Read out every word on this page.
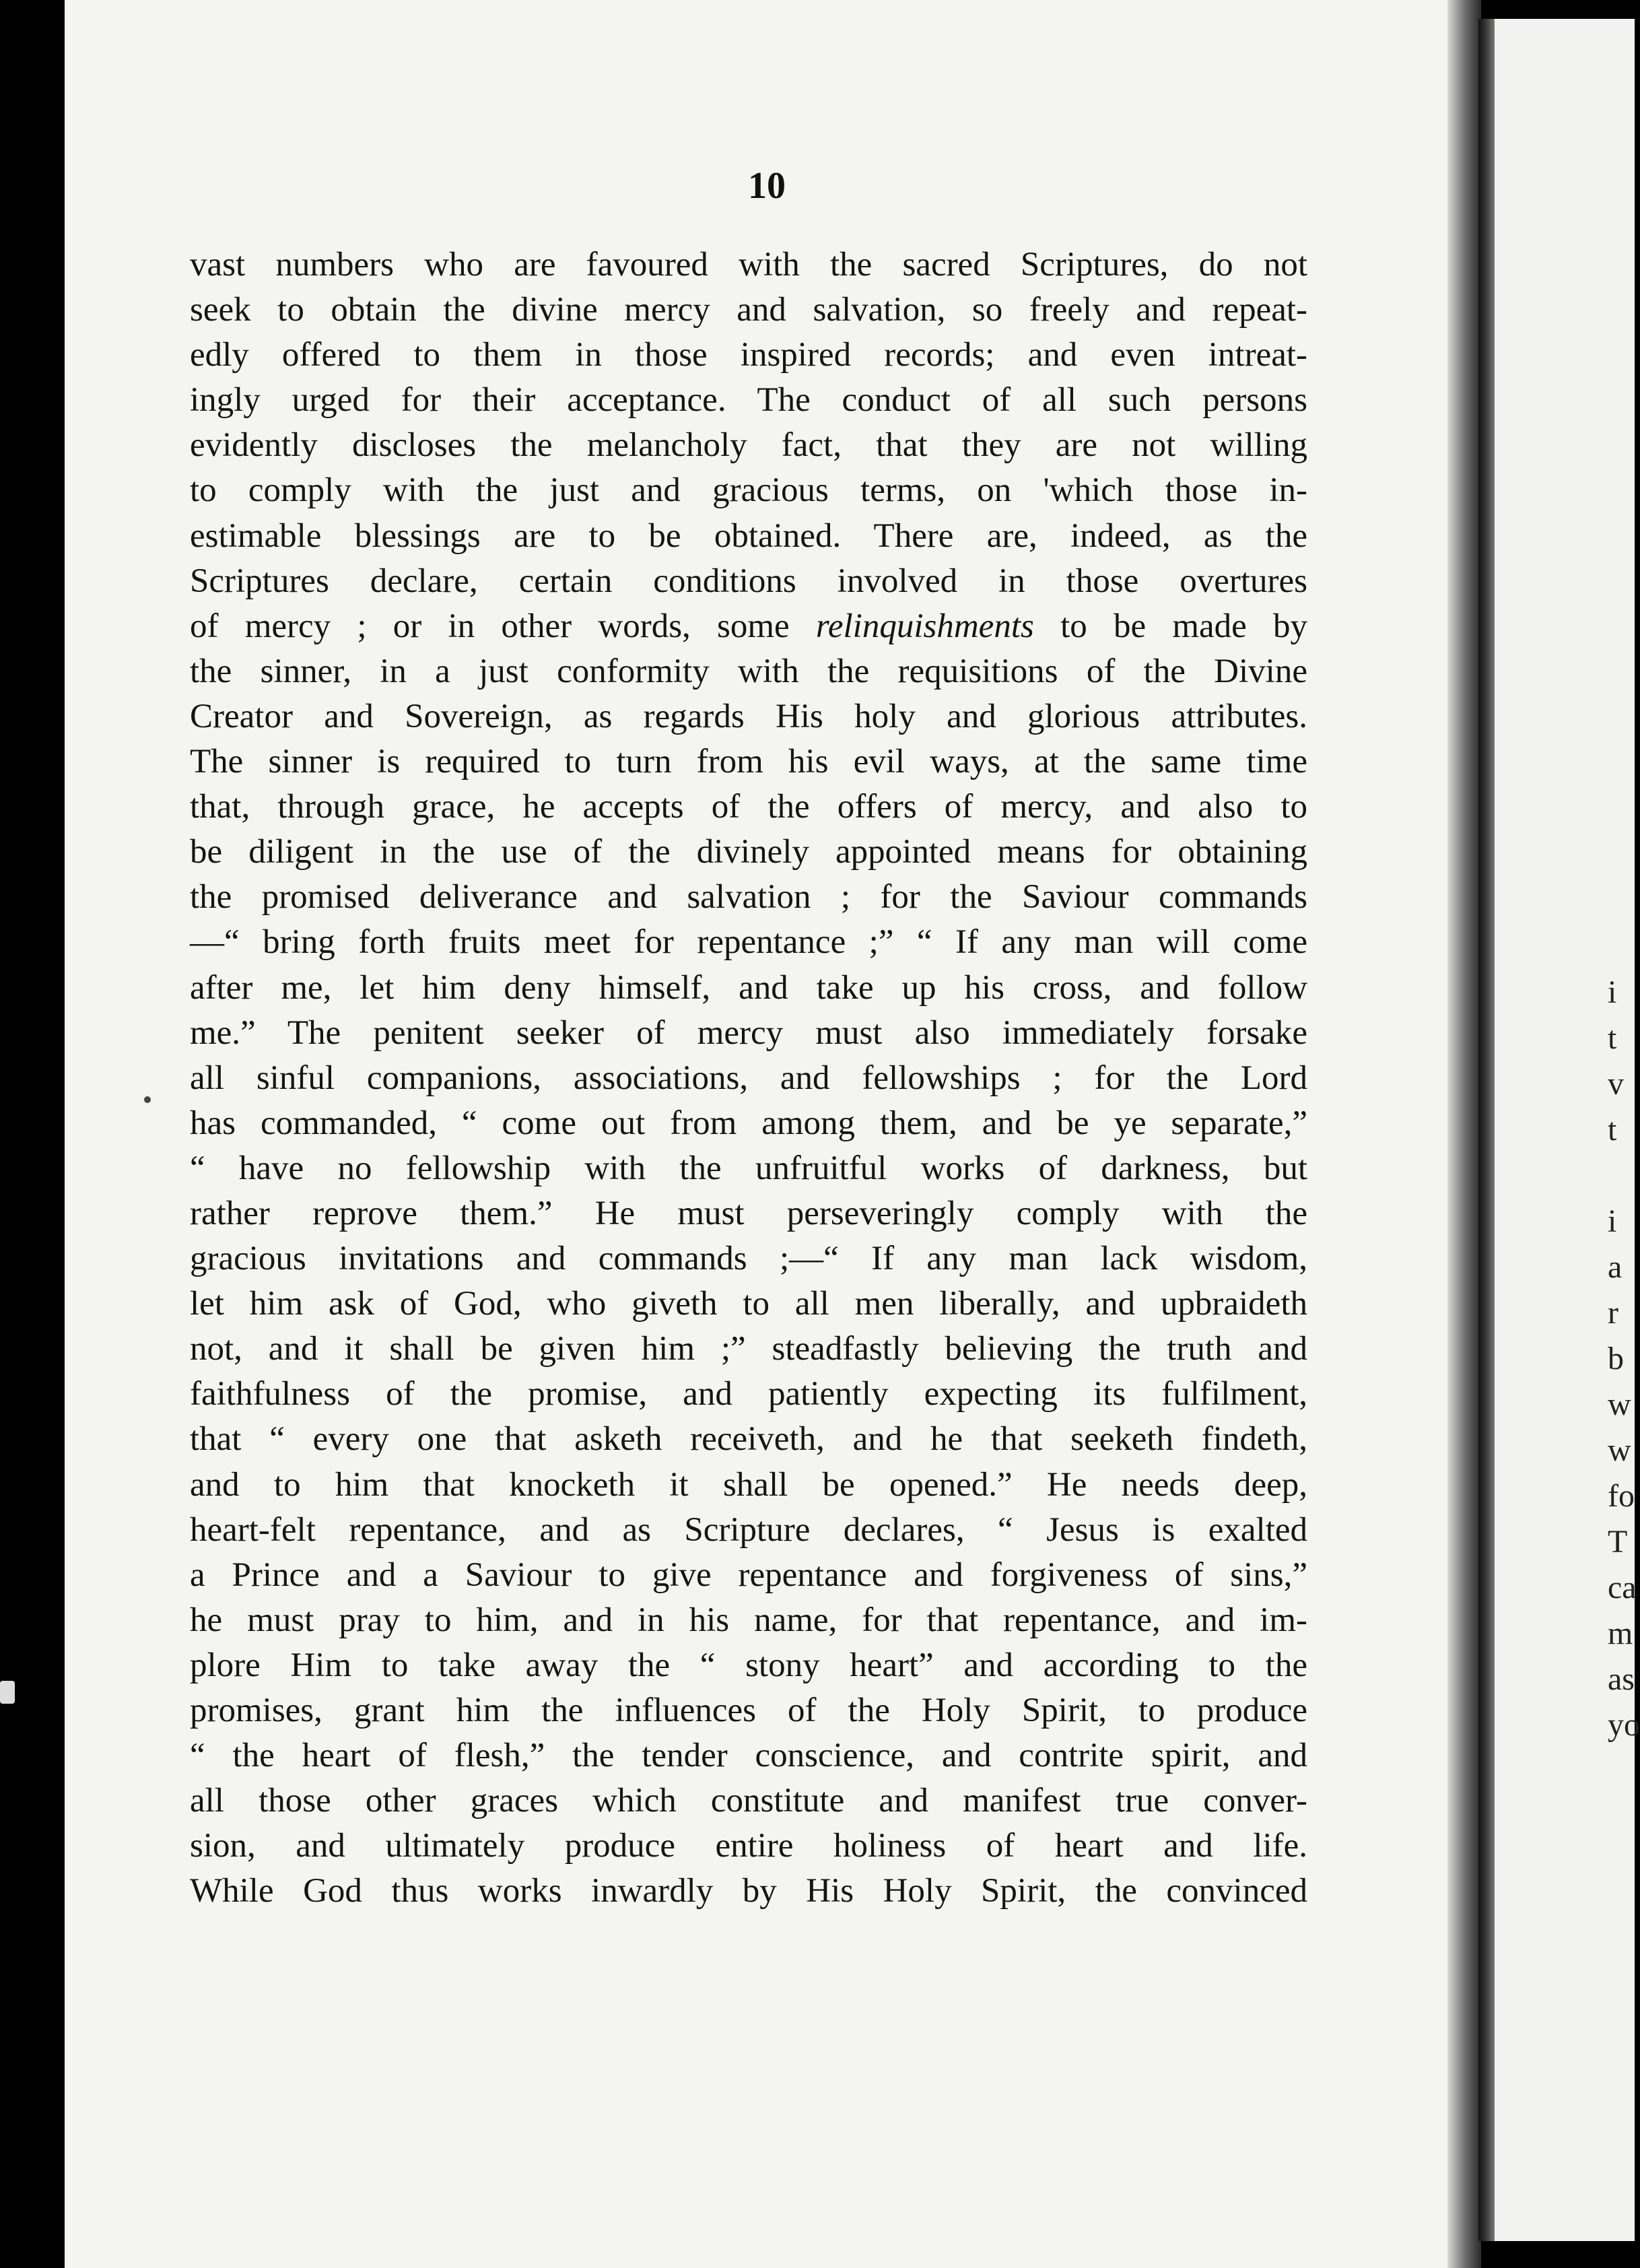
10
vast numbers who are favoured with the sacred Scriptures, do not
seek to obtain the divine mercy and salvation, so freely and repeat-
edly offered to them in those inspired records; and even intreat-
ingly urged for their acceptance. The conduct of all such persons
evidently discloses the melancholy fact, that they are not willing
to comply with the just and gracious terms, on 'which those in-
estimable blessings are to be obtained. There are, indeed, as the
Scriptures declare, certain conditions involved in those overtures
of mercy ; or in other words, some relinquishments to be made by
the sinner, in a just conformity with the requisitions of the Divine
Creator and Sovereign, as regards His holy and glorious attributes.
The sinner is required to turn from his evil ways, at the same time
that, through grace, he accepts of the offers of mercy, and also to
be diligent in the use of the divinely appointed means for obtaining
the promised deliverance and salvation ; for the Saviour commands
—“ bring forth fruits meet for repentance ;” “ If any man will come
after me, let him deny himself, and take up his cross, and follow
me.” The penitent seeker of mercy must also immediately forsake
all sinful companions, associations, and fellowships ; for the Lord
has commanded, “ come out from among them, and be ye separate,”
“ have no fellowship with the unfruitful works of darkness, but
rather reprove them.” He must perseveringly comply with the
gracious invitations and commands ;—“ If any man lack wisdom,
let him ask of God, who giveth to all men liberally, and upbraideth
not, and it shall be given him ;” steadfastly believing the truth and
faithfulness of the promise, and patiently expecting its fulfilment,
that “ every one that asketh receiveth, and he that seeketh findeth,
and to him that knocketh it shall be opened.” He needs deep,
heart-felt repentance, and as Scripture declares, “ Jesus is exalted
a Prince and a Saviour to give repentance and forgiveness of sins,”
he must pray to him, and in his name, for that repentance, and im-
plore Him to take away the “ stony heart” and according to the
promises, grant him the influences of the Holy Spirit, to produce
“ the heart of flesh,” the tender conscience, and contrite spirit, and
all those other graces which constitute and manifest true conver-
sion, and ultimately produce entire holiness of heart and life.
While God thus works inwardly by His Holy Spirit, the convinced
i
t
v
t

i
a
r
b
w
w
fo
T
ca
m
as
yo
